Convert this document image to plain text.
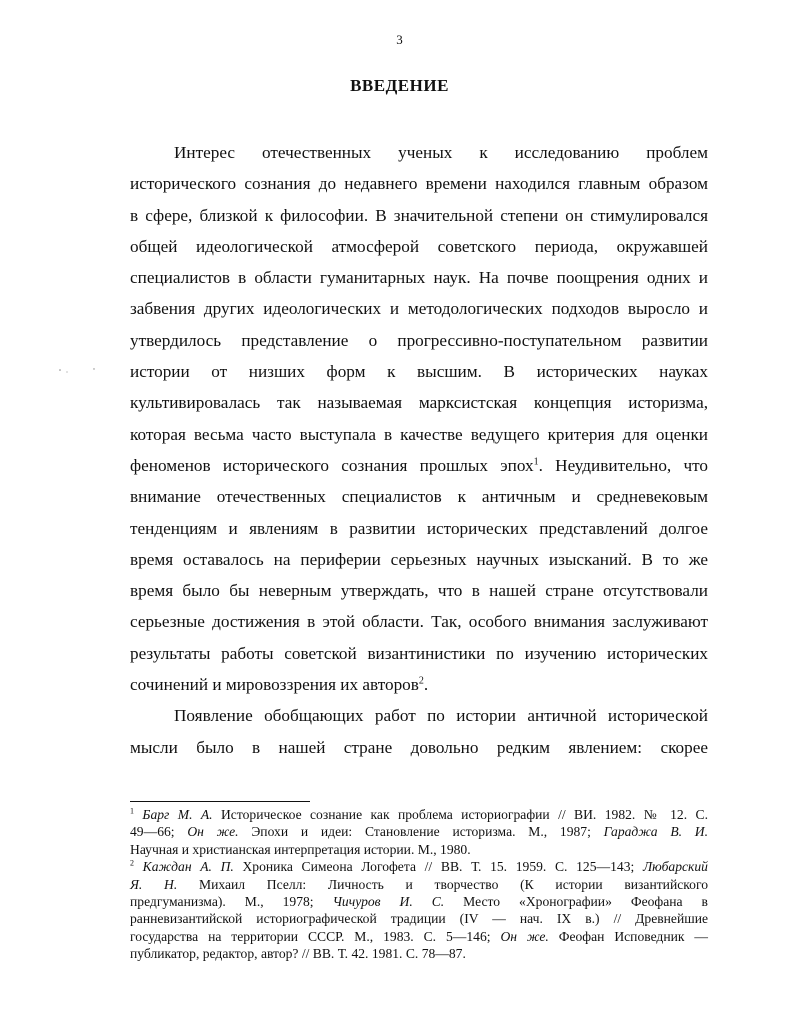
3
ВВЕДЕНИЕ
Интерес отечественных ученых к исследованию проблем
исторического сознания до недавнего времени находился главным образом
в сфере, близкой к философии. В значительной степени он стимулировался
общей идеологической атмосферой советского периода, окружавшей
специалистов в области гуманитарных наук. На почве поощрения одних и
забвения других идеологических и методологических подходов выросло и
утвердилось представление о прогрессивно-поступательном развитии
истории от низших форм к высшим. В исторических науках
культивировалась так называемая марксистская концепция историзма,
которая весьма часто выступала в качестве ведущего критерия для оценки
феноменов исторического сознания прошлых эпох$^1$. Неудивительно, что
внимание отечественных специалистов к античным и средневековым
тенденциям и явлениям в развитии исторических представлений долгое
время оставалось на периферии серьезных научных изысканий. В то же
время было бы неверным утверждать, что в нашей стране отсутствовали
серьезные достижения в этой области. Так, особого внимания заслуживают
результаты работы советской византинистики по изучению исторических
сочинений и мировоззрения их авторов$^2$.
Появление обобщающих работ по истории античной исторической
мысли было в нашей стране довольно редким явлением: скорее
$^1$ Барг М. А. Историческое сознание как проблема историографии // ВИ. 1982. № 12. С.
49—66; Он же. Эпохи и идеи: Становление историзма. М., 1987; Гараджа В. И.
Научная и христианская интерпретация истории. М., 1980.
$^2$ Каждан А. П. Хроника Симеона Логофета // ВВ. Т. 15. 1959. С. 125—143; Любарский
Я. Н. Михаил Пселл: Личность и творчество (К истории византийского
предгуманизма). М., 1978; Чичуров И. С. Место «Хронографии» Феофана в
ранневизантийской историографической традиции (IV — нач. IX в.) // Древнейшие
государства на территории СССР. М., 1983. С. 5—146; Он же. Феофан Исповедник —
публикатор, редактор, автор? // ВВ. Т. 42. 1981. С. 78—87.
